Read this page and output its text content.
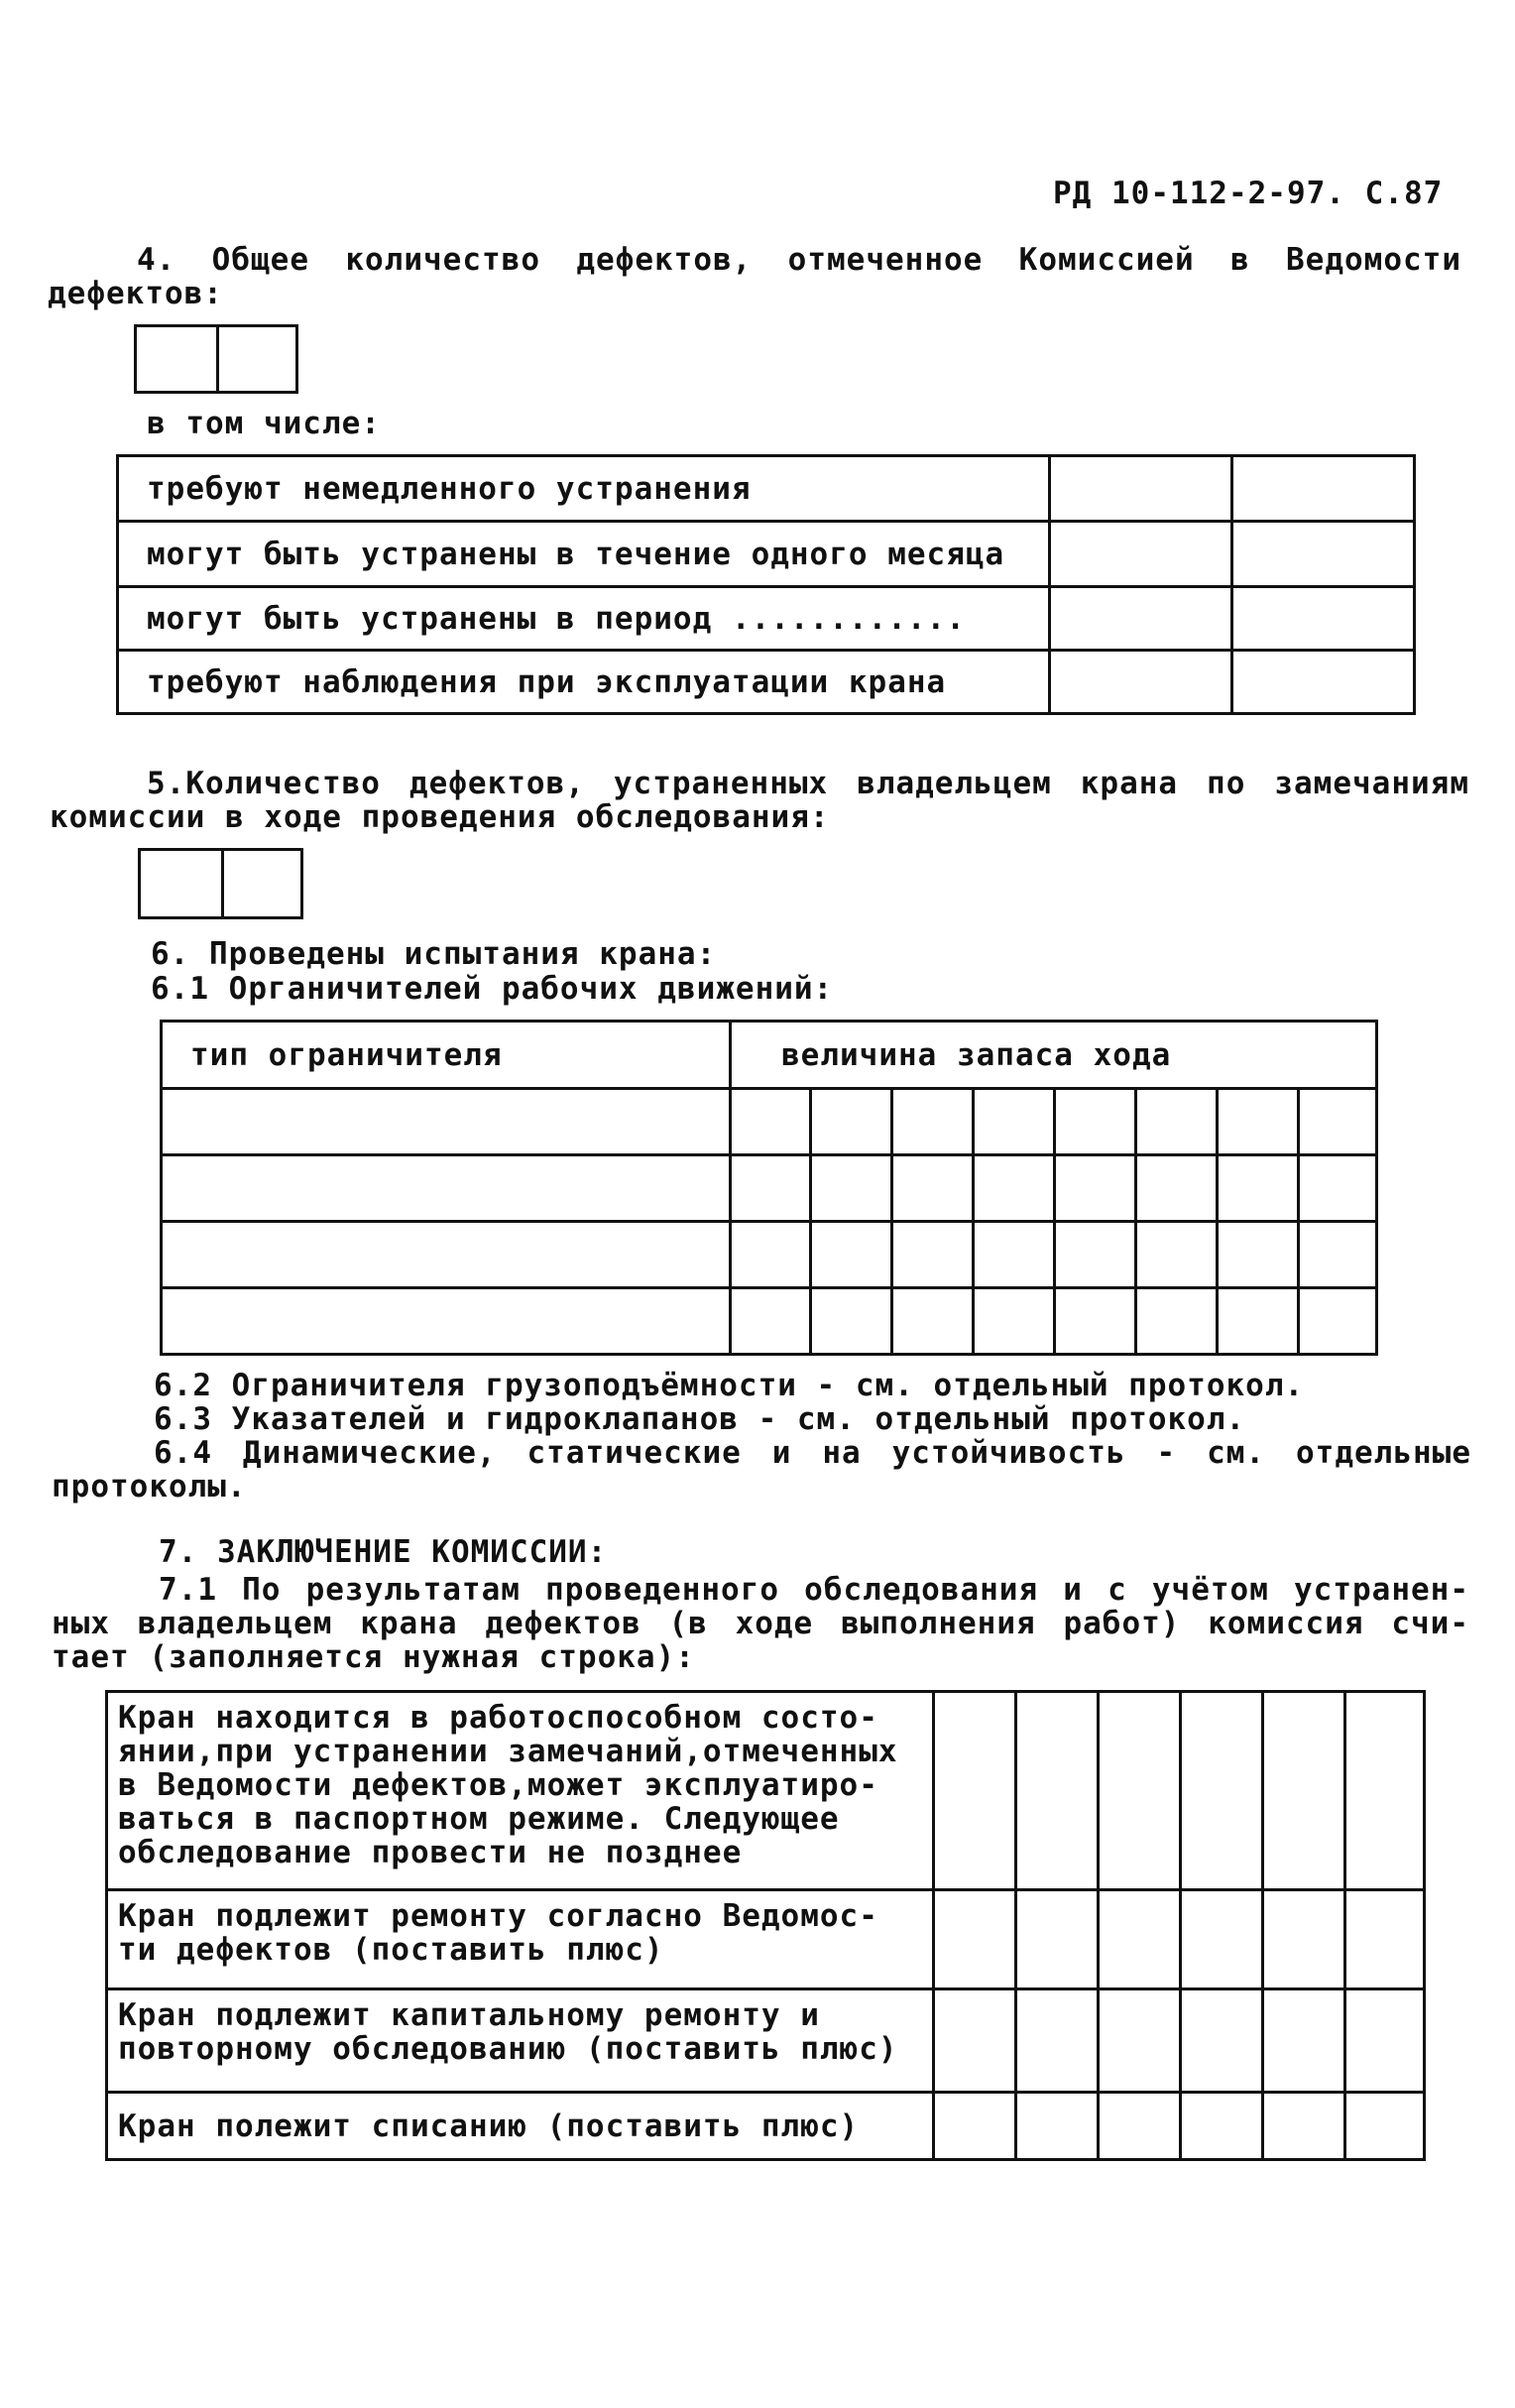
РД 10-112-2-97. С.87
4. Общее количество дефектов, отмеченное Комиссией в Ведомости
дефектов:
в том числе:
требуют немедленного устранения		
могут быть устранены в течение одного месяца		
могут быть устранены в период ............		
требуют наблюдения при эксплуатации крана		
5.Количество дефектов, устраненных владельцем крана по замечаниям
комиссии в ходе проведения обследования:
6. Проведены испытания крана:
6.1 Органичителей рабочих движений:
тип ограничителя	величина запаса хода							

6.2 Ограничителя грузоподъёмности - см. отдельный протокол.
6.3 Указателей и гидроклапанов - см. отдельный протокол.
6.4 Динамические, статические и на устойчивость - см. отдельные
протоколы.
7. ЗАКЛЮЧЕНИЕ КОМИССИИ:
7.1 По результатам проведенного обследования и с учётом устранен-
ных владельцем крана дефектов (в ходе выполнения работ) комиссия счи-
тает (заполняется нужная строка):
Кран находится в работоспособном состо-
янии,при устранении замечаний,отмеченных
в Ведомости дефектов,может эксплуатиро-
ваться в паспортном режиме. Следующее
обследование провести не позднее						

Кран подлежит ремонту согласно Ведомос-
ти дефектов (поставить плюс)						

Кран подлежит капитальному ремонту и
повторному обследованию (поставить плюс)						

Кран полежит списанию (поставить плюс)						
